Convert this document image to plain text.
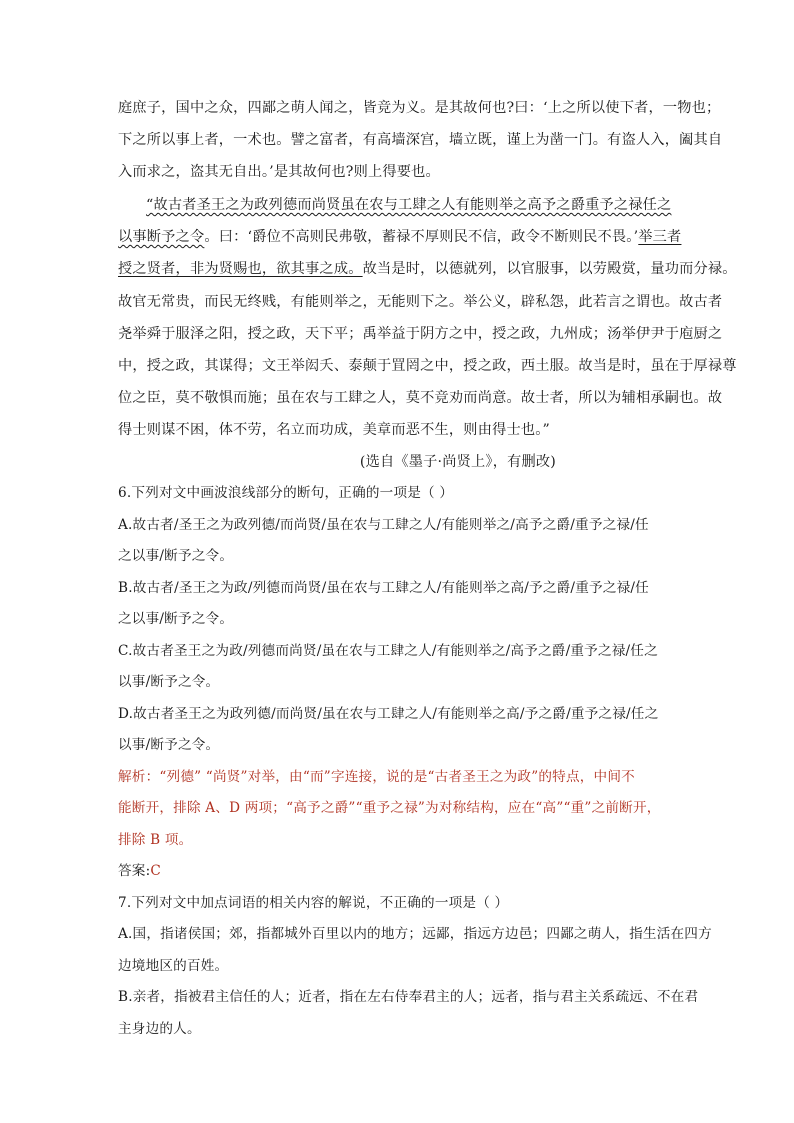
庭庶子，国中之众，四鄙之萌人闻之，皆竞为义。是其故何也?曰：‘上之所以使下者，一物也；
下之所以事上者，一术也。譬之富者，有高墙深宫，墙立既，谨上为凿一门。有盗人入，阖其自
入而求之，盗其无自出。’是其故何也?则上得要也。
“故古者圣王之为政列德而尚贤虽在农与工肆之人有能则举之高予之爵重予之禄任之
以事断予之令。曰：‘爵位不高则民弗敬，蓄禄不厚则民不信，政令不断则民不畏。’举三者
授之贤者，非为贤赐也，欲其事之成。故当是时，以德就列，以官服事，以劳殿赏，量功而分禄。
故官无常贵，而民无终贱，有能则举之，无能则下之。举公义，辟私怨，此若言之谓也。故古者
尧举舜于服泽之阳，授之政，天下平；禹举益于阴方之中，授之政，九州成；汤举伊尹于庖厨之
中，授之政，其谋得；文王举闳夭、泰颠于罝罔之中，授之政，西土服。故当是时，虽在于厚禄尊
位之臣，莫不敬惧而施；虽在农与工肆之人，莫不竞劝而尚意。故士者，所以为辅相承嗣也。故
得士则谋不困，体不劳，名立而功成，美章而恶不生，则由得士也。”
(选自《墨子·尚贤上》，有删改)
6.下列对文中画波浪线部分的断句，正确的一项是（ ）
A.故古者/圣王之为政列德/而尚贤/虽在农与工肆之人/有能则举之/高予之爵/重予之禄/任
之以事/断予之令。
B.故古者/圣王之为政/列德而尚贤/虽在农与工肆之人/有能则举之高/予之爵/重予之禄/任
之以事/断予之令。
C.故古者圣王之为政/列德而尚贤/虽在农与工肆之人/有能则举之/高予之爵/重予之禄/任之
以事/断予之令。
D.故古者圣王之为政列德/而尚贤/虽在农与工肆之人/有能则举之高/予之爵/重予之禄/任之
以事/断予之令。
解析：“列德” “尚贤”对举，由“而”字连接，说的是“古者圣王之为政”的特点，中间不
能断开，排除 A、D 两项；“高予之爵”“重予之禄”为对称结构，应在“高”“重”之前断开，
排除 B 项。
答案:C
7.下列对文中加点词语的相关内容的解说，不正确的一项是（ ）
A.国，指诸侯国；郊，指都城外百里以内的地方；远鄙，指远方边邑；四鄙之萌人，指生活在四方
边境地区的百姓。
B.亲者，指被君主信任的人；近者，指在左右侍奉君主的人；远者，指与君主关系疏远、不在君
主身边的人。
